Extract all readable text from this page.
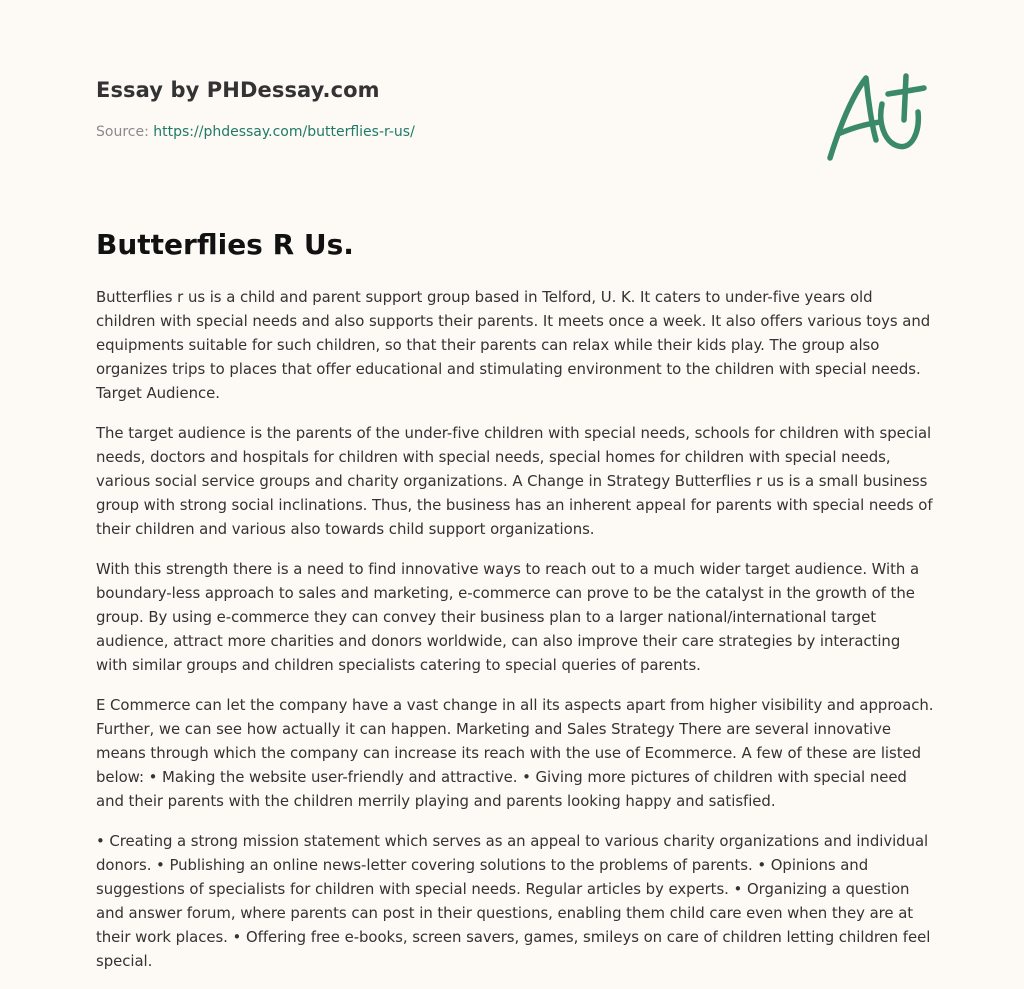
Essay by PHDessay.com
Source: https://phdessay.com/butterflies-r-us/
Butterflies R Us.

Butterflies r us is a child and parent support group based in Telford, U. K. It caters to under-five years old children with special needs and also supports their parents. It meets once a week. It also offers various toys and equipments suitable for such children, so that their parents can relax while their kids play. The group also organizes trips to places that offer educational and stimulating environment to the children with special needs. Target Audience.

The target audience is the parents of the under-five children with special needs, schools for children with special needs, doctors and hospitals for children with special needs, special homes for children with special needs, various social service groups and charity organizations. A Change in Strategy Butterflies r us is a small business group with strong social inclinations. Thus, the business has an inherent appeal for parents with special needs of their children and various also towards child support organizations.

With this strength there is a need to find innovative ways to reach out to a much wider target audience. With a boundary-less approach to sales and marketing, e-commerce can prove to be the catalyst in the growth of the group. By using e-commerce they can convey their business plan to a larger national/international target audience, attract more charities and donors worldwide, can also improve their care strategies by interacting with similar groups and children specialists catering to special queries of parents.

E Commerce can let the company have a vast change in all its aspects apart from higher visibility and approach. Further, we can see how actually it can happen. Marketing and Sales Strategy There are several innovative means through which the company can increase its reach with the use of Ecommerce. A few of these are listed below: • Making the website user-friendly and attractive. • Giving more pictures of children with special need and their parents with the children merrily playing and parents looking happy and satisfied.

• Creating a strong mission statement which serves as an appeal to various charity organizations and individual donors. • Publishing an online news-letter covering solutions to the problems of parents. • Opinions and suggestions of specialists for children with special needs. Regular articles by experts. • Organizing a question and answer forum, where parents can post in their questions, enabling them child care even when they are at their work places. • Offering free e-books, screen savers, games, smileys on care of children letting children feel special.
